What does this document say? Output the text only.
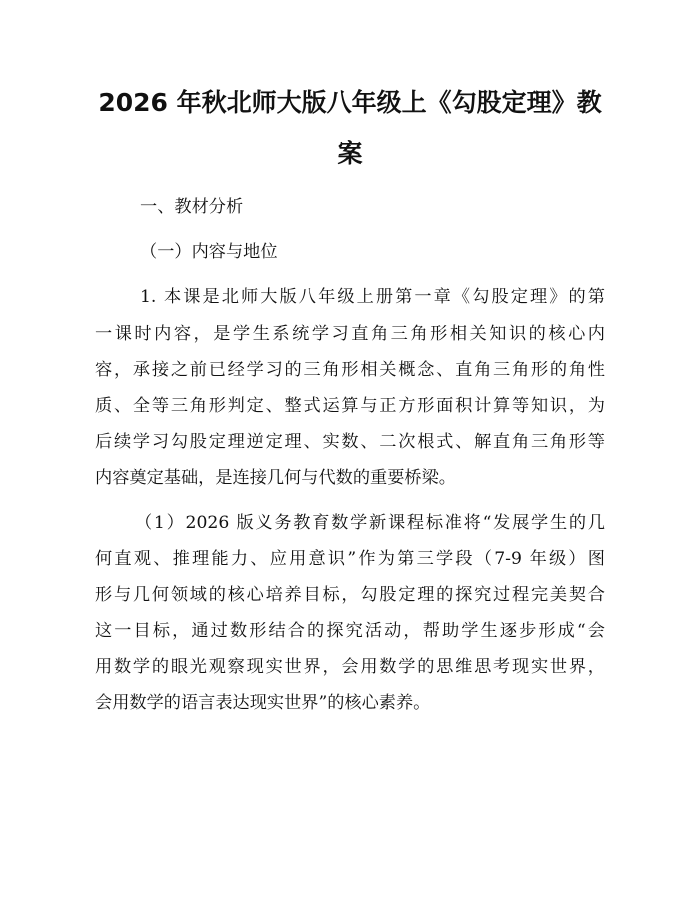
2026 年秋北师大版八年级上《勾股定理》教
案
一、教材分析
（一）内容与地位
1. 本课是北师大版八年级上册第一章《勾股定理》的第
一课时内容，是学生系统学习直角三角形相关知识的核心内
容，承接之前已经学习的三角形相关概念、直角三角形的角性
质、全等三角形判定、整式运算与正方形面积计算等知识，为
后续学习勾股定理逆定理、实数、二次根式、解直角三角形等
内容奠定基础，是连接几何与代数的重要桥梁。
（1）2026 版义务教育数学新课程标准将“发展学生的几
何直观、推理能力、应用意识”作为第三学段（7-9 年级）图
形与几何领域的核心培养目标，勾股定理的探究过程完美契合
这一目标，通过数形结合的探究活动，帮助学生逐步形成“会
用数学的眼光观察现实世界，会用数学的思维思考现实世界，
会用数学的语言表达现实世界”的核心素养。
